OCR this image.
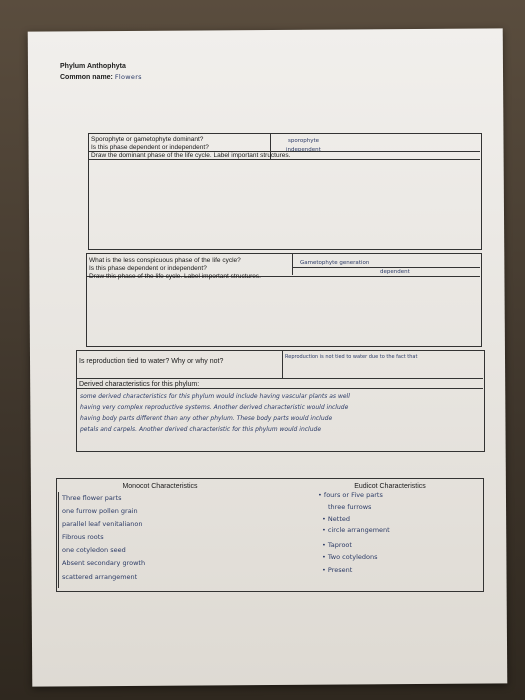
Phylum Anthophyta
Common name: Flowers
Sporophyte or gametophyte dominant?
Is this phase dependent or independent?
sporophyte
independent
Draw the dominant phase of the life cycle. Label important structures.
What is the less conspicuous phase of the life cycle?
Is this phase dependent or independent?
Gametophyte generation
dependent
Draw this phase of the life cycle. Label important structures.
Is reproduction tied to water? Why or why not?
Reproduction is not tied to water due to the fact that
Derived characteristics for this phylum:
some derived characteristics for this phylum would include having vascular plants as well
having very complex reproductive systems. Another derived characteristic would include
having body parts different than any other phylum. These body parts would include
petals and carpels. Another derived characteristic for this phylum would include
Monocot Characteristics	Eudicot Characteristics
Three flower parts
one furrow pollen grain
parallel leaf venitalianon
Fibrous roots
one cotyledon seed
Absent secondary growth
scattered arrangement
• fours or Five parts
three furrows
• Netted
• circle arrangement
• Taproot
• Two cotyledons
• Present
